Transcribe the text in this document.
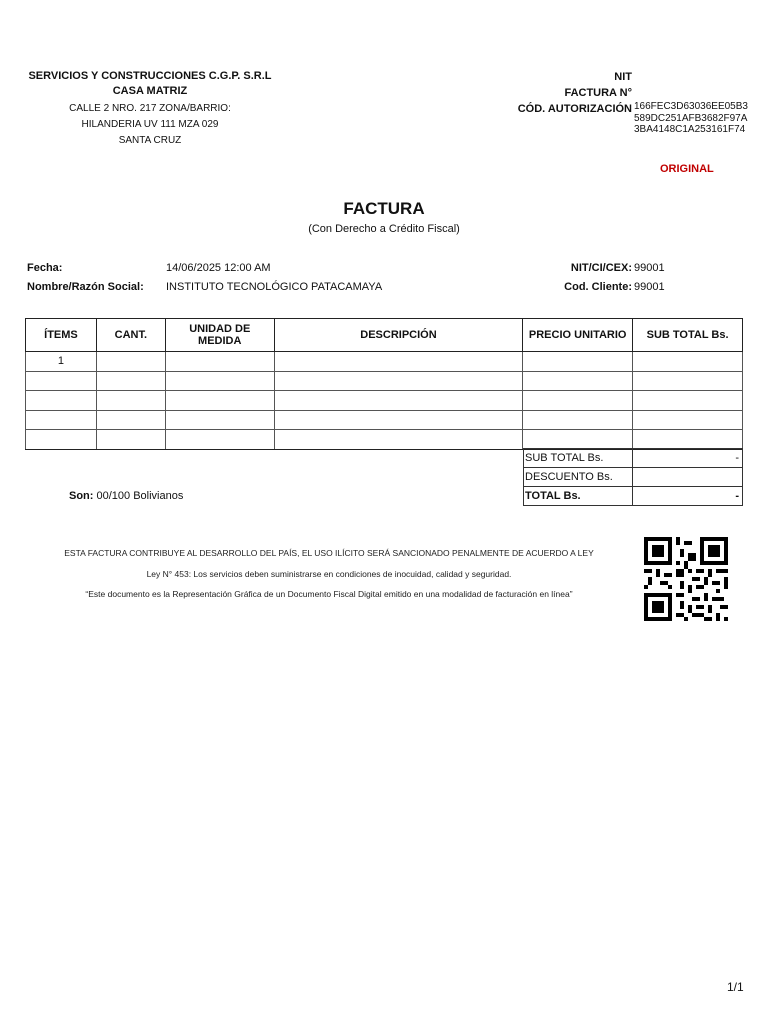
SERVICIOS Y CONSTRUCCIONES C.G.P. S.R.L
CASA MATRIZ
CALLE 2 NRO. 217 ZONA/BARRIO:
HILANDERIA UV 111 MZA 029
SANTA CRUZ
NIT
FACTURA N°
CÓD. AUTORIZACIÓN 166FEC3D63036EE05B3589DC251AFB3682F97A3BA4148C1A253161F74
ORIGINAL
FACTURA
(Con Derecho a Crédito Fiscal)
Fecha:	14/06/2025 12:00 AM
Nombre/Razón Social: INSTITUTO TECNOLÓGICO PATACAMAYA
NIT/CI/CEX: 99001
Cod. Cliente: 99001
ÍTEMS	CANT.	UNIDAD DE MEDIDA	DESCRIPCIÓN	PRECIO UNITARIO	SUB TOTAL Bs.
1					

SUB TOTAL Bs.	-
DESCUENTO Bs.	
TOTAL Bs.	-
Son: 00/100 Bolivianos
ESTA FACTURA CONTRIBUYE AL DESARROLLO DEL PAÍS, EL USO ILÍCITO SERÁ SANCIONADO PENALMENTE DE ACUERDO A LEY
Ley N° 453: Los servicios deben suministrarse en condiciones de inocuidad, calidad y seguridad.
“Este documento es la Representación Gráfica de un Documento Fiscal Digital emitido en una modalidad de facturación en línea”
1/1
